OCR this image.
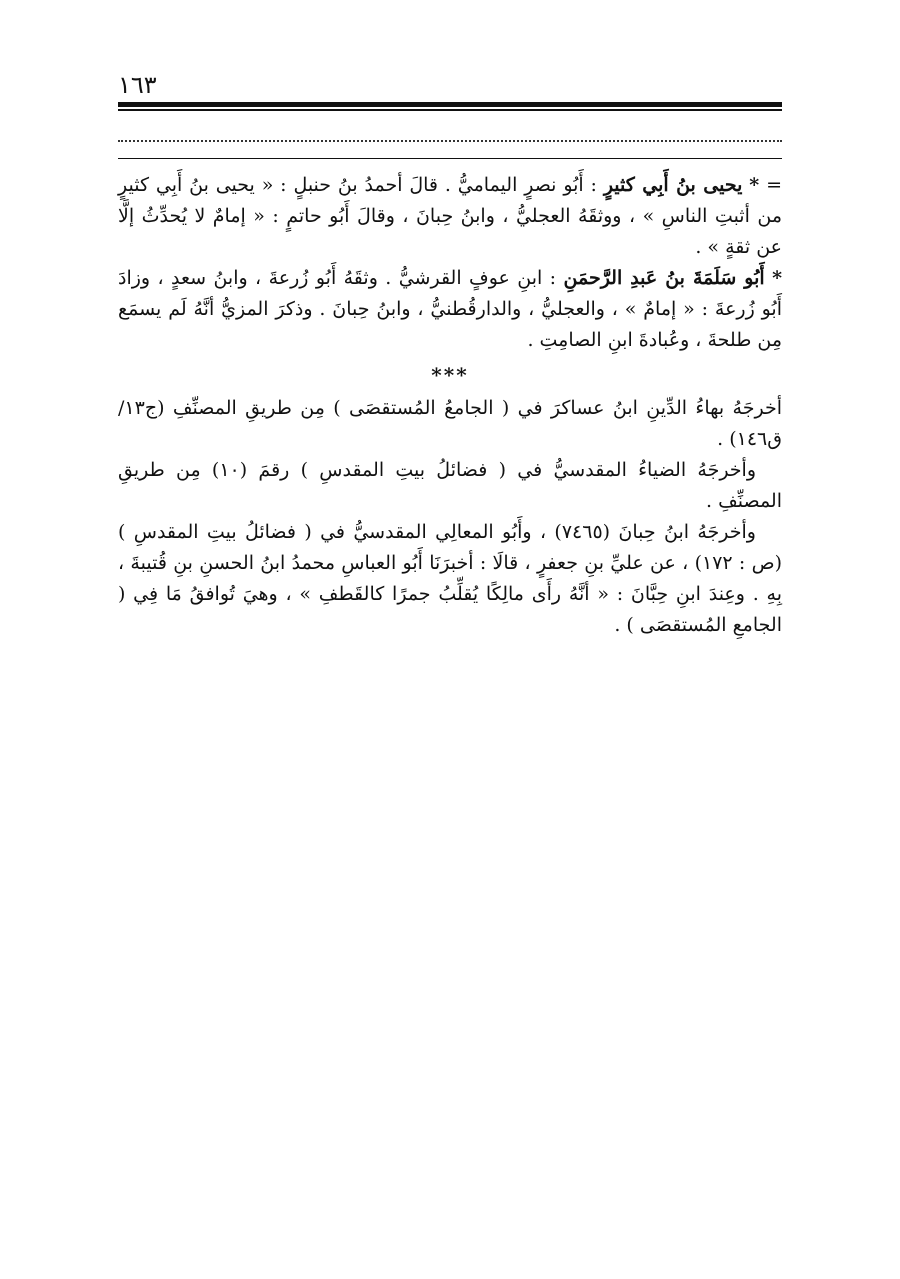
١٦٣

= * يحيى بنُ أَبِي كثيرٍ : أَبُو نصرٍ اليماميُّ . قالَ أحمدُ بنُ حنبلٍ : « يحيى بنُ أَبِي كثيرٍ من أثبتِ الناسِ » ، ووثقَهُ العجليُّ ، وابنُ حِبانَ ، وقالَ أَبُو حاتمٍ : « إمامٌ لا يُحدِّثُ إلَّا عن ثقةٍ » .

* أَبُو سَلَمَةَ بنُ عَبدِ الرَّحمَنِ : ابنِ عوفٍ القرشيُّ . وثقَهُ أَبُو زُرعةَ ، وابنُ سعدٍ ، وزادَ أَبُو زُرعةَ : « إمامٌ » ، والعجليُّ ، والدارقُطنيُّ ، وابنُ حِبانَ . وذكرَ المزيُّ أنَّهُ لَم يسمَع مِن طلحةَ ، وعُبادةَ ابنِ الصامِتِ .

***

أخرجَهُ بهاءُ الدِّينِ ابنُ عساكرَ في ( الجامعُ المُستقصَى ) مِن طريقِ المصنِّفِ (ج١٣/ ق١٤٦) .

وأخرجَهُ الضياءُ المقدسيُّ في ( فضائلُ بيتِ المقدسِ ) رقمَ (١٠) مِن طريقِ المصنِّفِ .

وأخرجَهُ ابنُ حِبانَ (٧٤٦٥) ، وأَبُو المعالِي المقدسيُّ في ( فضائلُ بيتِ المقدسِ ) (ص : ١٧٢) ، عن عليِّ بنِ جعفرٍ ، قالَا : أخبرَنَا أَبُو العباسِ محمدُ ابنُ الحسنِ بنِ قُتيبةَ ، بِهِ . وعِندَ ابنِ حِبَّانَ : « أنَّهُ رأَى مالِكًا يُقلِّبُ جمرًا كالقَطفِ » ، وهيَ تُوافقُ مَا فِي ( الجامعِ المُستقصَى ) .
